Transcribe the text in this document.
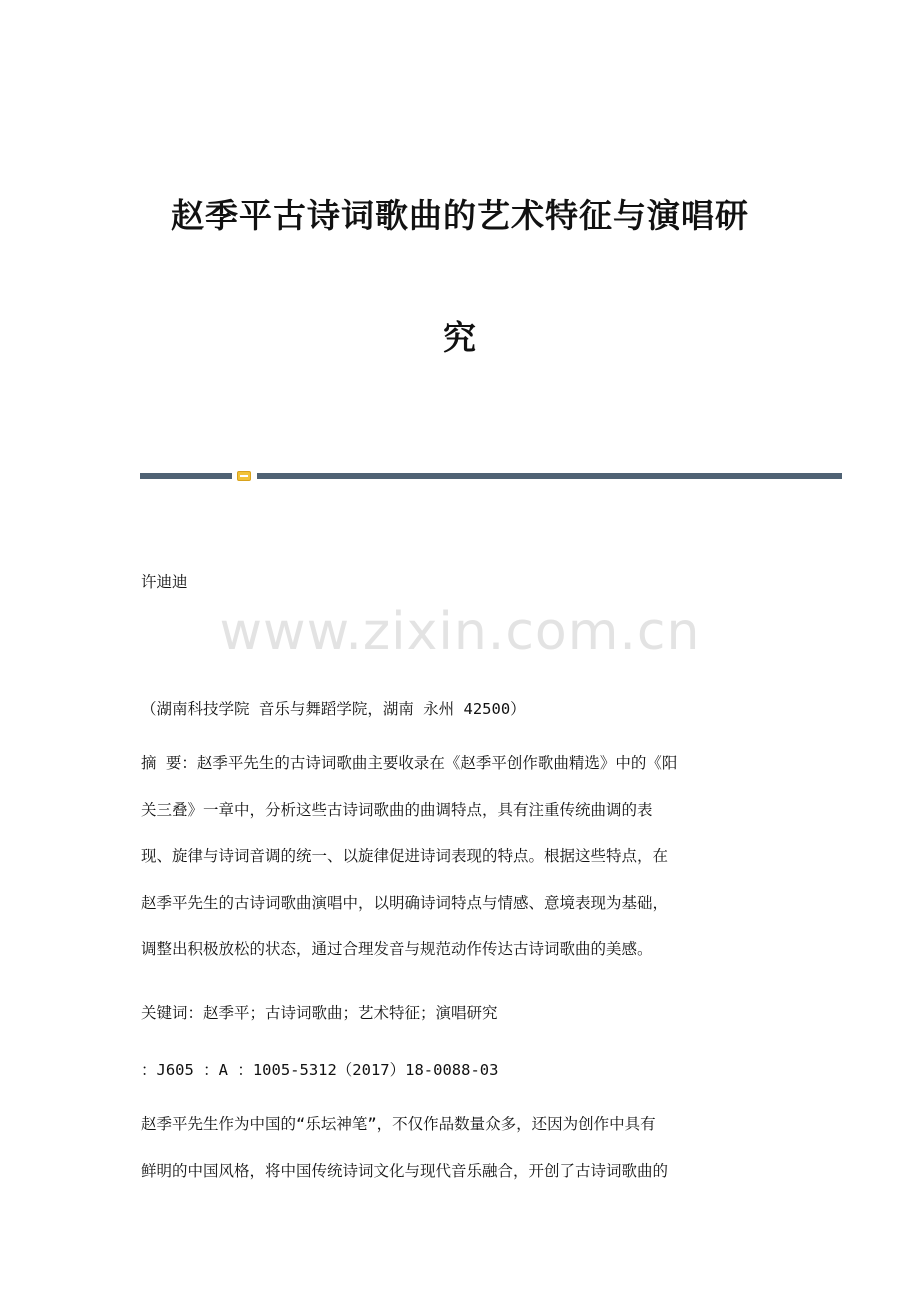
赵季平古诗词歌曲的艺术特征与演唱研
究

许迪迪

www.zixin.com.cn

（湖南科技学院 音乐与舞蹈学院，湖南 永州 42500）

摘 要：赵季平先生的古诗词歌曲主要收录在《赵季平创作歌曲精选》中的《阳
关三叠》一章中，分析这些古诗词歌曲的曲调特点，具有注重传统曲调的表
现、旋律与诗词音调的统一、以旋律促进诗词表现的特点。根据这些特点，在
赵季平先生的古诗词歌曲演唱中，以明确诗词特点与情感、意境表现为基础，
调整出积极放松的状态，通过合理发音与规范动作传达古诗词歌曲的美感。

关键词：赵季平；古诗词歌曲；艺术特征；演唱研究

：J605 ：A ：1005-5312（2017）18-0088-03

赵季平先生作为中国的“乐坛神笔”，不仅作品数量众多，还因为创作中具有
鲜明的中国风格，将中国传统诗词文化与现代音乐融合，开创了古诗词歌曲的
